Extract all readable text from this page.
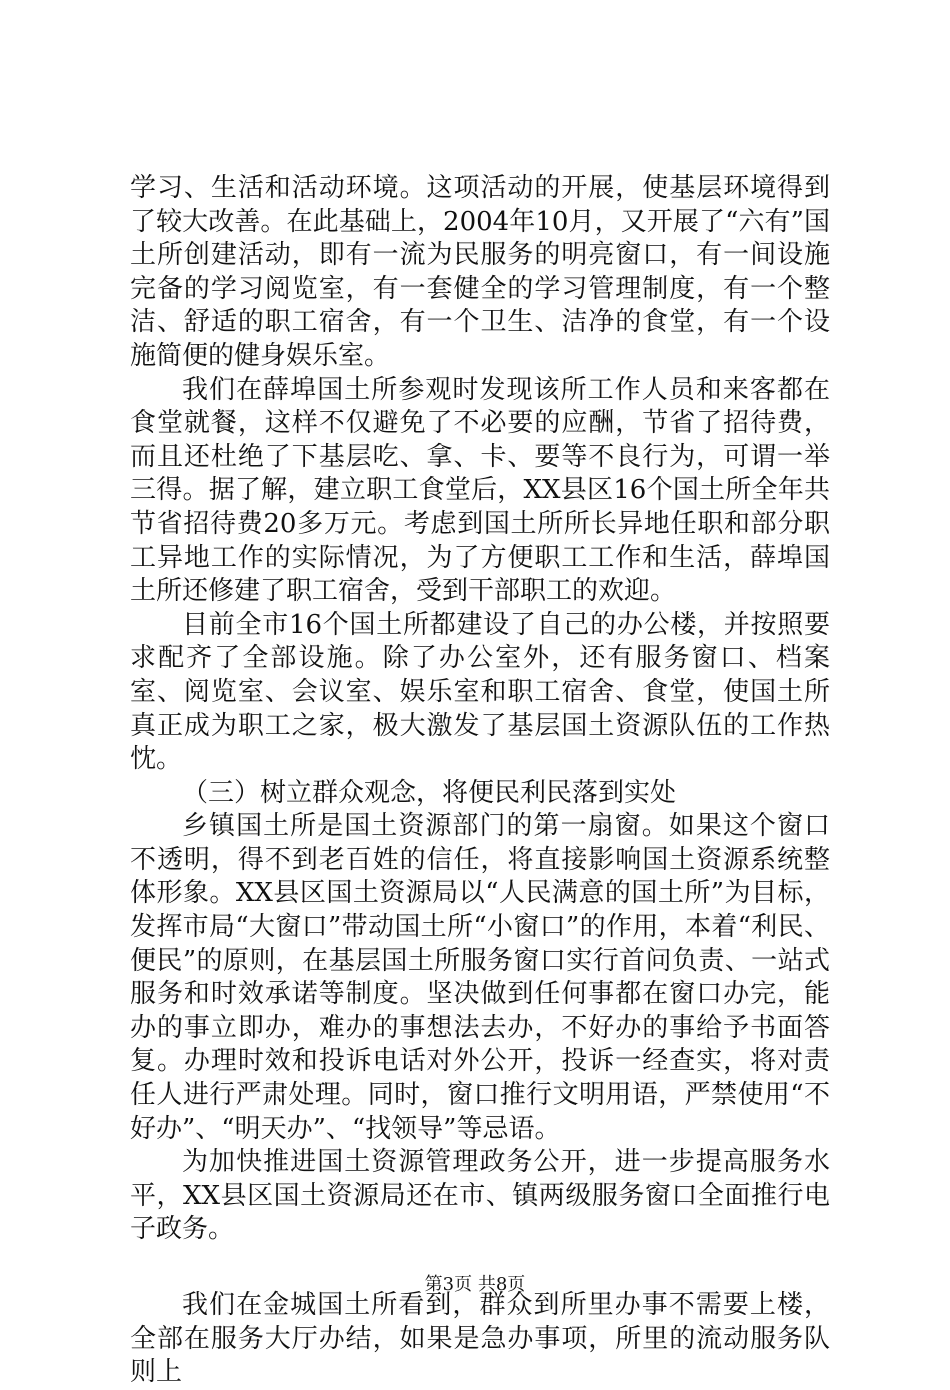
学习、生活和活动环境。这项活动的开展，使基层环境得到了较大改善。在此基础上，2004年10月，又开展了“六有”国土所创建活动，即有一流为民服务的明亮窗口，有一间设施完备的学习阅览室，有一套健全的学习管理制度，有一个整洁、舒适的职工宿舍，有一个卫生、洁净的食堂，有一个设施简便的健身娱乐室。

我们在薛埠国土所参观时发现该所工作人员和来客都在食堂就餐，这样不仅避免了不必要的应酬，节省了招待费，而且还杜绝了下基层吃、拿、卡、要等不良行为，可谓一举三得。据了解，建立职工食堂后，XX县区16个国土所全年共节省招待费20多万元。考虑到国土所所长异地任职和部分职工异地工作的实际情况，为了方便职工工作和生活，薛埠国土所还修建了职工宿舍，受到干部职工的欢迎。

目前全市16个国土所都建设了自己的办公楼，并按照要求配齐了全部设施。除了办公室外，还有服务窗口、档案室、阅览室、会议室、娱乐室和职工宿舍、食堂，使国土所真正成为职工之家，极大激发了基层国土资源队伍的工作热忱。

（三）树立群众观念，将便民利民落到实处

乡镇国土所是国土资源部门的第一扇窗。如果这个窗口不透明，得不到老百姓的信任，将直接影响国土资源系统整体形象。XX县区国土资源局以“人民满意的国土所”为目标，发挥市局“大窗口”带动国土所“小窗口”的作用，本着“利民、便民”的原则，在基层国土所服务窗口实行首问负责、一站式服务和时效承诺等制度。坚决做到任何事都在窗口办完，能办的事立即办，难办的事想法去办，不好办的事给予书面答复。办理时效和投诉电话对外公开，投诉一经查实，将对责任人进行严肃处理。同时，窗口推行文明用语，严禁使用“不好办”、“明天办”、“找领导”等忌语。

为加快推进国土资源管理政务公开，进一步提高服务水平，XX县区国土资源局还在市、镇两级服务窗口全面推行电子政务。

我们在金城国土所看到，群众到所里办事不需要上楼，全部在服务大厅办结，如果是急办事项，所里的流动服务队则上

第3页 共8页
